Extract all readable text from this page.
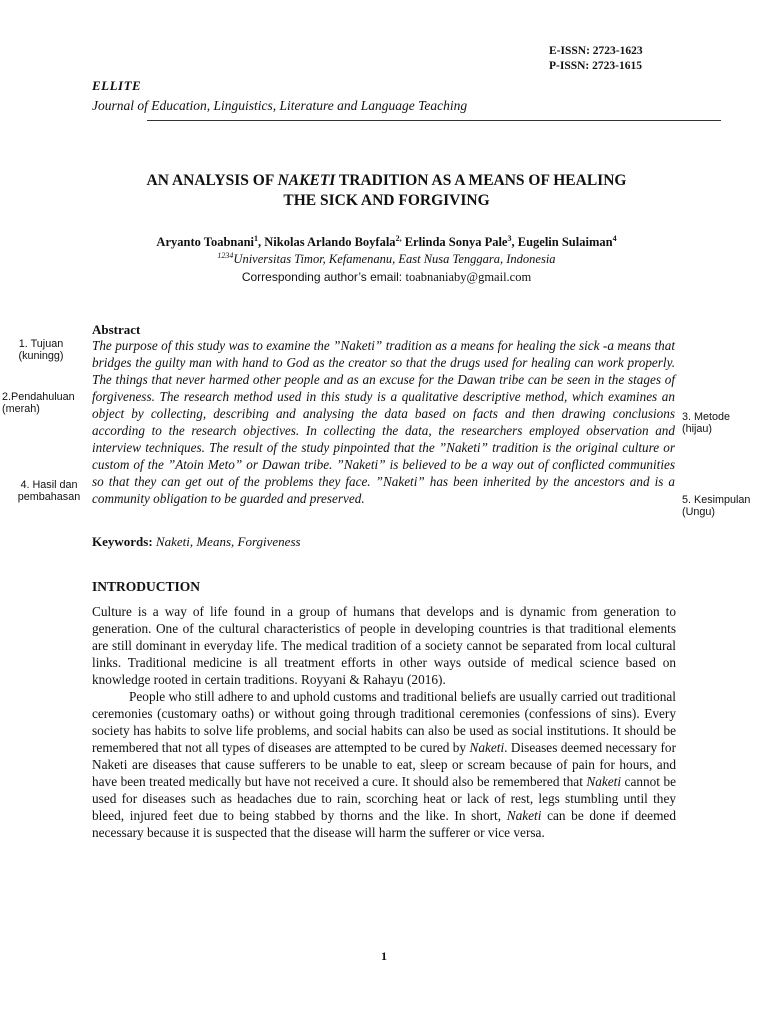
E-ISSN: 2723-1623
P-ISSN: 2723-1615
ELLITE
Journal of Education, Linguistics, Literature and Language Teaching
AN ANALYSIS OF NAKETI TRADITION AS A MEANS OF HEALING
THE SICK AND FORGIVING
Aryanto Toabnani$^1$, Nikolas Arlando Boyfala$^{2,}$ Erlinda Sonya Pale$^3$, Eugelin Sulaiman$^4$
$^{1234}$Universitas Timor, Kefamenanu, East Nusa Tenggara, Indonesia
Corresponding author’s email: toabnaniaby@gmail.com
Abstract
The purpose of this study was to examine the ”Naketi” tradition as a means for healing the sick -a means that bridges the guilty man with hand to God as the creator so that the drugs used for healing can work properly. The things that never harmed other people and as an excuse for the Dawan tribe can be seen in the stages of forgiveness. The research method used in this study is a qualitative descriptive method, which examines an object by collecting, describing and analysing the data based on facts and then drawing conclusions according to the research objectives. In collecting the data, the researchers employed observation and interview techniques. The result of the study pinpointed that the ”Naketi” tradition is the original culture or custom of the ”Atoin Meto” or Dawan tribe. ”Naketi” is believed to be a way out of conflicted communities so that they can get out of the problems they face. ”Naketi” has been inherited by the ancestors and is a community obligation to be guarded and preserved.
1. Tujuan
(kuningg)
2.Pendahuluan
(merah)
3. Metode
(hijau)
4. Hasil dan
pembahasan	5. Kesimpulan
(Ungu)
Keywords: Naketi, Means, Forgiveness
INTRODUCTION

Culture is a way of life found in a group of humans that develops and is dynamic from generation to generation. One of the cultural characteristics of people in developing countries is that traditional elements are still dominant in everyday life. The medical tradition of a society cannot be separated from local cultural links. Traditional medicine is all treatment efforts in other ways outside of medical science based on knowledge rooted in certain traditions. Royyani & Rahayu (2016).

People who still adhere to and uphold customs and traditional beliefs are usually carried out traditional ceremonies (customary oaths) or without going through traditional ceremonies (confessions of sins). Every society has habits to solve life problems, and social habits can also be used as social institutions. It should be remembered that not all types of diseases are attempted to be cured by Naketi. Diseases deemed necessary for Naketi are diseases that cause sufferers to be unable to eat, sleep or scream because of pain for hours, and have been treated medically but have not received a cure. It should also be remembered that Naketi cannot be used for diseases such as headaches due to rain, scorching heat or lack of rest, legs stumbling until they bleed, injured feet due to being stabbed by thorns and the like. In short, Naketi can be done if deemed necessary because it is suspected that the disease will harm the sufferer or vice versa.

1
